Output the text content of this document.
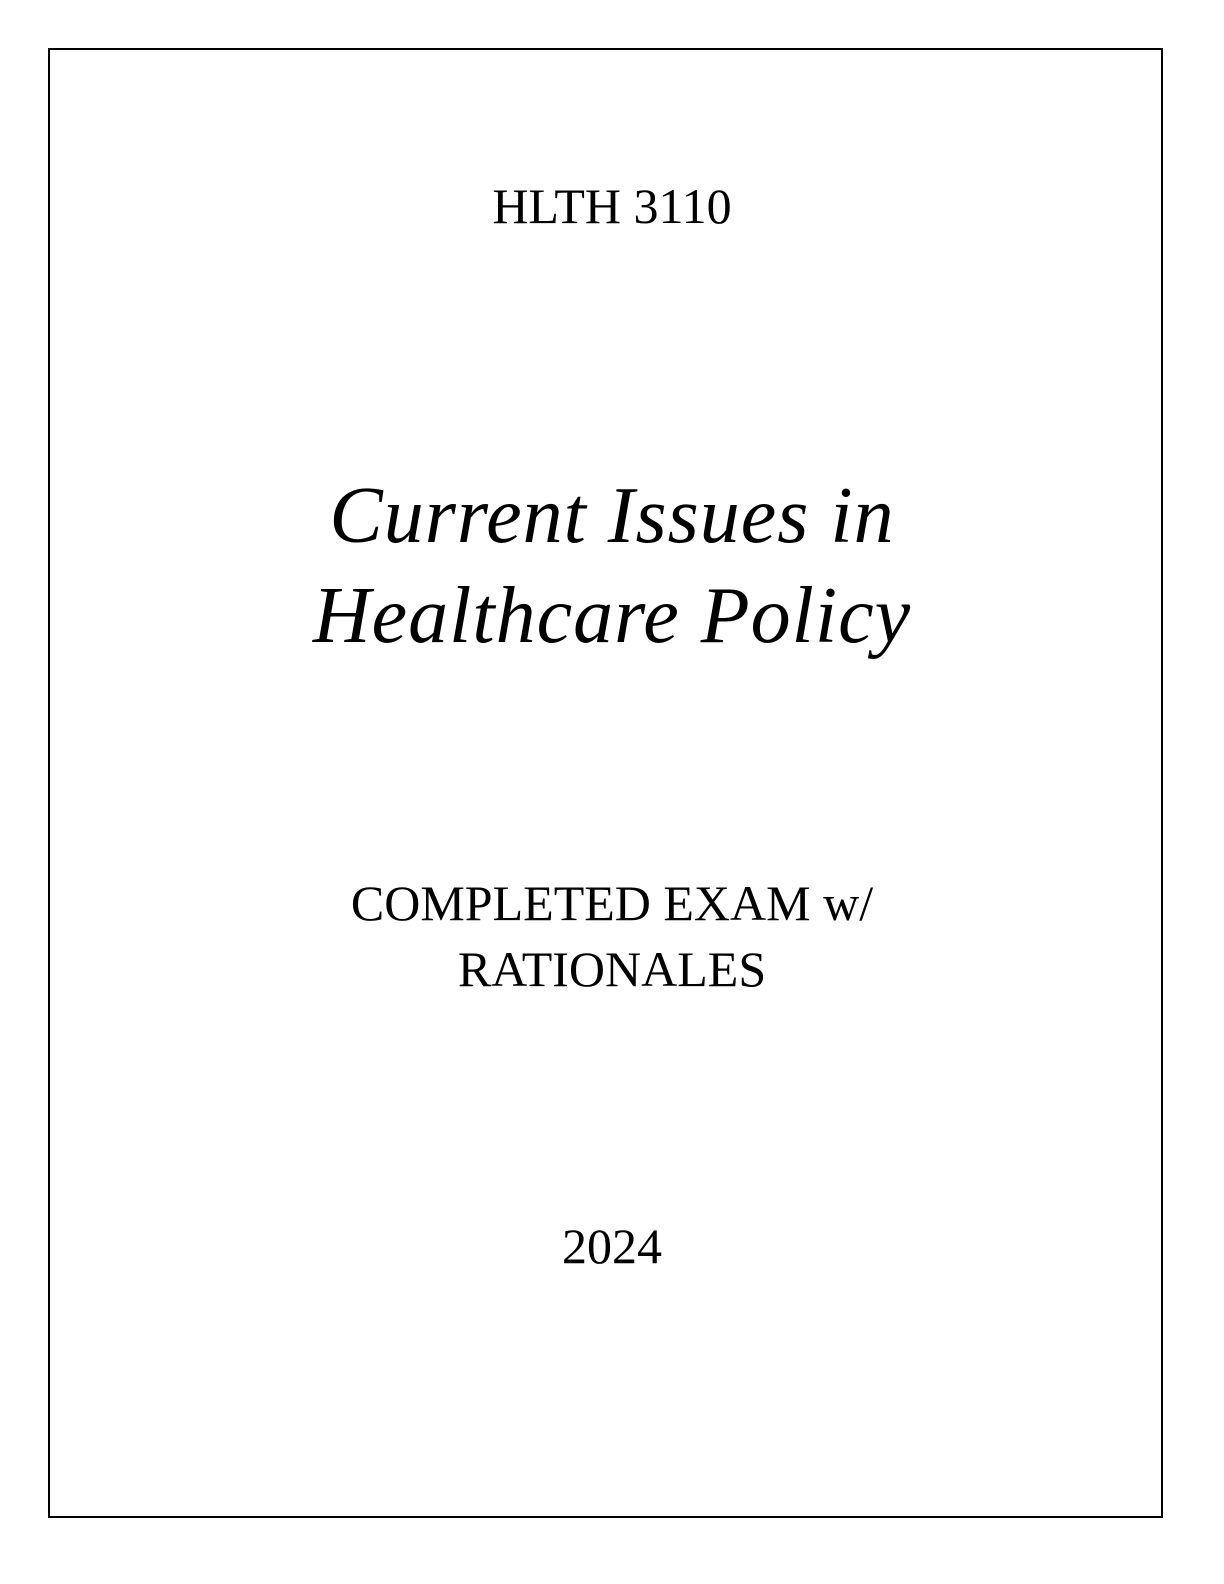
HLTH 3110
Current Issues in
Healthcare Policy
COMPLETED EXAM w/
RATIONALES
2024
